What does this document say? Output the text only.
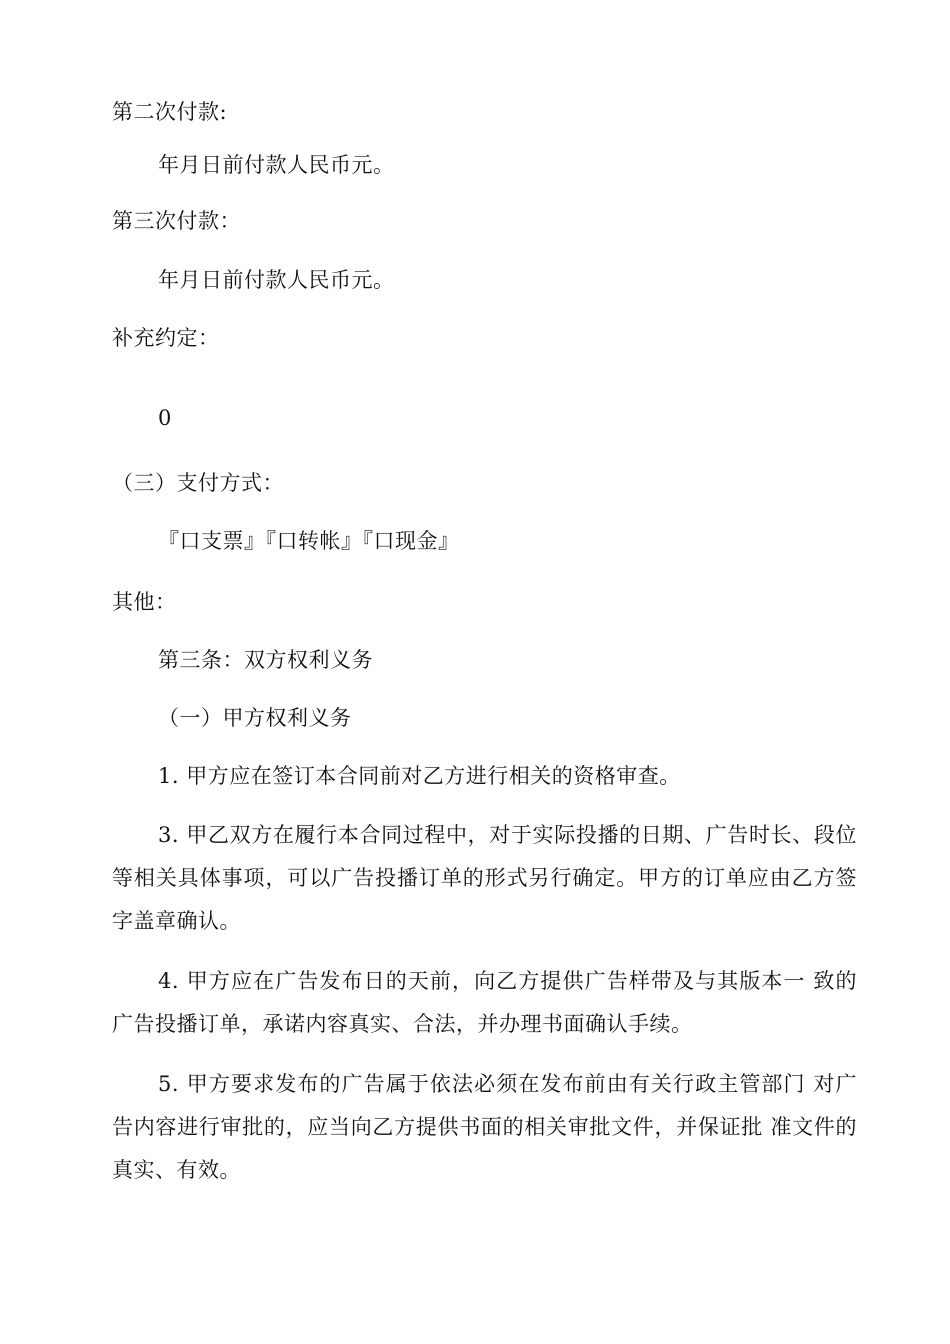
第二次付款:
年月日前付款人民币元。
第三次付款：
年月日前付款人民币元。
补充约定：
0
（三）支付方式：
『口支票』『口转帐』『口现金』
其他：
第三条：双方权利义务
（一）甲方权利义务
1. 甲方应在签订本合同前对乙方进行相关的资格审查。
3. 甲乙双方在履行本合同过程中，对于实际投播的日期、广告时长、段位等相关具体事项，可以广告投播订单的形式另行确定。甲方的订单应由乙方签字盖章确认。
4. 甲方应在广告发布日的天前，向乙方提供广告样带及与其版本一 致的广告投播订单，承诺内容真实、合法，并办理书面确认手续。
5. 甲方要求发布的广告属于依法必须在发布前由有关行政主管部门 对广告内容进行审批的，应当向乙方提供书面的相关审批文件，并保证批 准文件的真实、有效。
